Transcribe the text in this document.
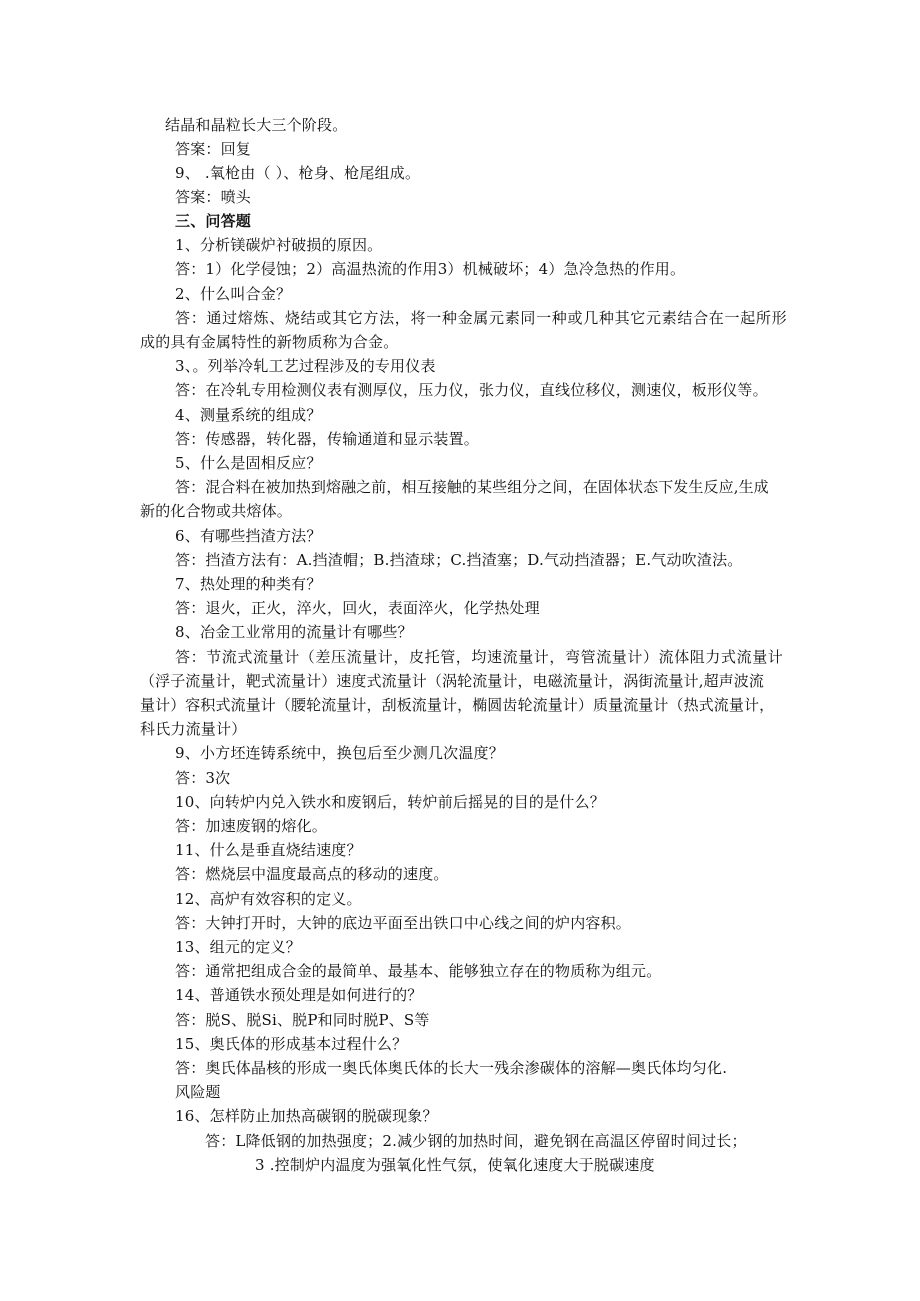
结晶和晶粒长大三个阶段。
答案：回复
9、 .氧枪由（ ）、枪身、枪尾组成。
答案：喷头
三、问答题
1、分析镁碳炉衬破损的原因。
答：1）化学侵蚀；2）高温热流的作用3）机械破坏；4）急冷急热的作用。
2、什么叫合金？
答：通过熔炼、烧结或其它方法，将一种金属元素同一种或几种其它元素结合在一起所形
成的具有金属特性的新物质称为合金。
3、。列举冷轧工艺过程涉及的专用仪表
答：在冷轧专用检测仪表有测厚仪，压力仪，张力仪，直线位移仪，测速仪，板形仪等。
4、测量系统的组成？
答：传感器，转化器，传输通道和显示装置。
5、什么是固相反应？
答：混合料在被加热到熔融之前，相互接触的某些组分之间，在固体状态下发生反应,生成
新的化合物或共熔体。
6、有哪些挡渣方法？
答：挡渣方法有：A.挡渣帽；B.挡渣球；C.挡渣塞；D.气动挡渣器；E.气动吹渣法。
7、热处理的种类有？
答：退火，正火，淬火，回火，表面淬火，化学热处理
8、冶金工业常用的流量计有哪些？
答：节流式流量计（差压流量计，皮托管，均速流量计，弯管流量计）流体阻力式流量计
（浮子流量计，靶式流量计）速度式流量计（涡轮流量计，电磁流量计，涡街流量计,超声波流
量计）容积式流量计（腰轮流量计，刮板流量计，椭圆齿轮流量计）质量流量计（热式流量计，
科氏力流量计）
9、小方坯连铸系统中，换包后至少测几次温度？
答：3次
10、向转炉内兑入铁水和废钢后，转炉前后摇晃的目的是什么？
答：加速废钢的熔化。
11、什么是垂直烧结速度？
答：燃烧层中温度最高点的移动的速度。
12、高炉有效容积的定义。
答：大钟打开时，大钟的底边平面至出铁口中心线之间的炉内容积。
13、组元的定义？
答：通常把组成合金的最简单、最基本、能够独立存在的物质称为组元。
14、普通铁水预处理是如何进行的？
答：脱S、脱Si、脱P和同时脱P、S等
15、奥氏体的形成基本过程什么？
答：奥氏体晶核的形成一奥氏体奥氏体的长大一残余渗碳体的溶解—奥氏体均匀化.
风险题
16、怎样防止加热高碳钢的脱碳现象？
答：L降低钢的加热强度；2.减少钢的加热时间，避免钢在高温区停留时间过长；
3 .控制炉内温度为强氧化性气氛，使氧化速度大于脱碳速度
